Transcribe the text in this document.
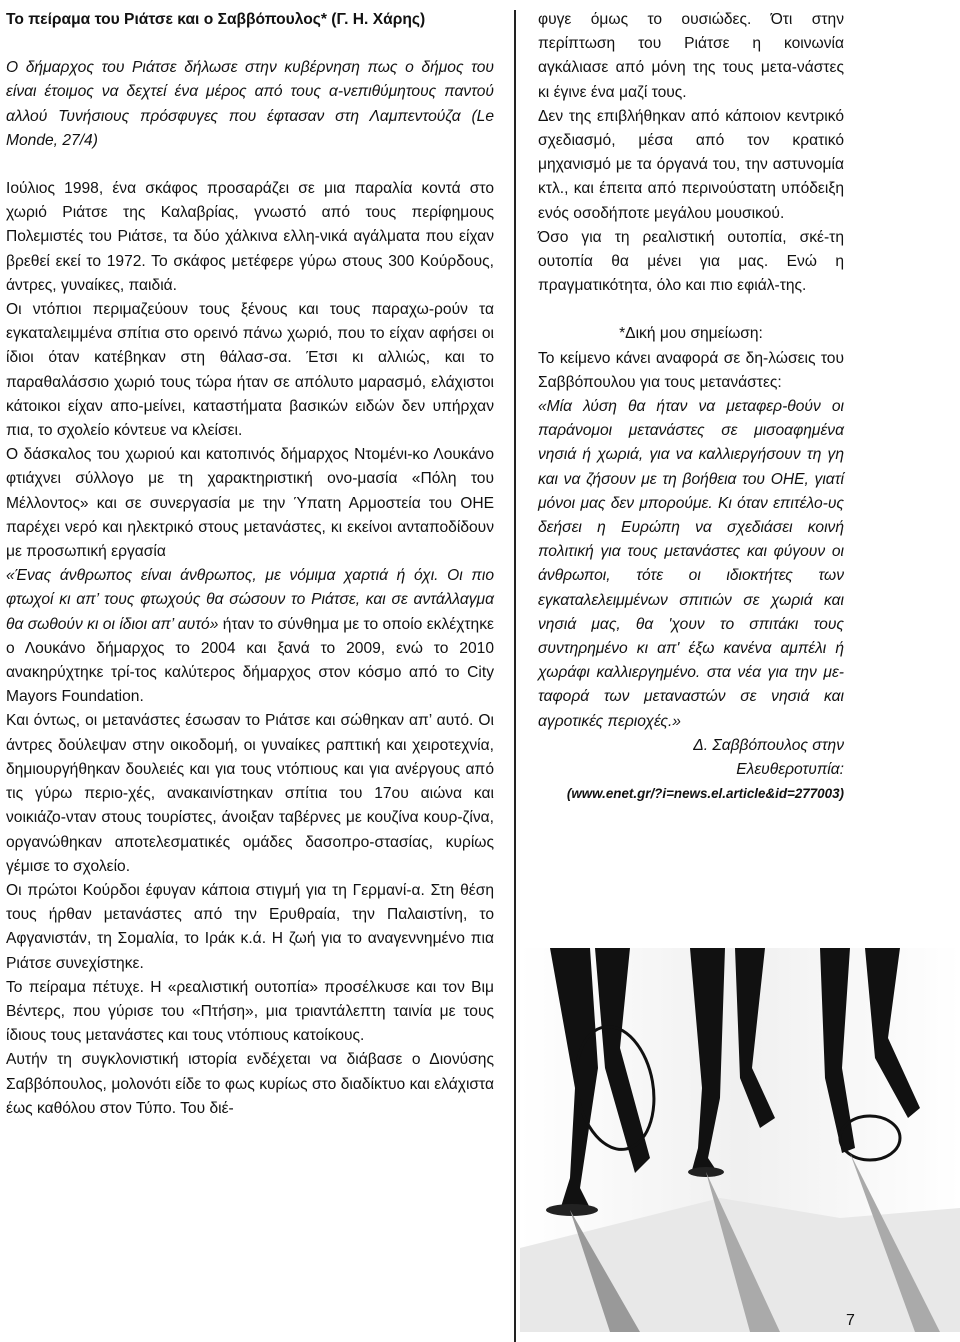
Το πείραμα του Ριάτσε και ο Σαββόπουλος* (Γ. Η. Χάρης)

Ο δήμαρχος του Ριάτσε δήλωσε στην κυβέρνηση πως ο δήμος του είναι έτοιμος να δεχτεί ένα μέρος από τους α-νεπιθύμητους παντού αλλού Τυνήσιους πρόσφυγες που έφτασαν στη Λαμπεντούζα (Le Monde, 27/4)

Ιούλιος 1998, ένα σκάφος προσαράζει σε μια παραλία κοντά στο χωριό Ριάτσε της Καλαβρίας, γνωστό από τους περίφημους Πολεμιστές του Ριάτσε, τα δύο χάλκινα ελλη-νικά αγάλματα που είχαν βρεθεί εκεί το 1972. Το σκάφος μετέφερε γύρω στους 300 Κούρδους, άντρες, γυναίκες, παιδιά.

Οι ντόπιοι περιμαζεύουν τους ξένους και τους παραχω-ρούν τα εγκαταλειμμένα σπίτια στο ορεινό πάνω χωριό, που το είχαν αφήσει οι ίδιοι όταν κατέβηκαν στη θάλασ-σα. Έτσι κι αλλιώς, και το παραθαλάσσιο χωριό τους τώρα ήταν σε απόλυτο μαρασμό, ελάχιστοι κάτοικοι είχαν απο-μείνει, καταστήματα βασικών ειδών δεν υπήρχαν πια, το σχολείο κόντευε να κλείσει.

Ο δάσκαλος του χωριού και κατοπινός δήμαρχος Ντομένι-κο Λουκάνο φτιάχνει σύλλογο με τη χαρακτηριστική ονο-μασία «Πόλη του Μέλλοντος» και σε συνεργασία με την Ύπατη Αρμοστεία του ΟΗΕ παρέχει νερό και ηλεκτρικό στους μετανάστες, κι εκείνοι ανταποδίδουν με προσωπική εργασία

«Ένας άνθρωπος είναι άνθρωπος, με νόμιμα χαρτιά ή όχι. Οι πιο φτωχοί κι απ’ τους φτωχούς θα σώσουν το Ριάτσε, και σε αντάλλαγμα θα σωθούν κι οι ίδιοι απ’ αυτό» ήταν το σύνθημα με το οποίο εκλέχτηκε ο Λουκάνο δήμαρχος το 2004 και ξανά το 2009, ενώ το 2010 ανακηρύχτηκε τρί-τος καλύτερος δήμαρχος στον κόσμο από το City Mayors Foundation.

Και όντως, οι μετανάστες έσωσαν το Ριάτσε και σώθηκαν απ’ αυτό. Οι άντρες δούλεψαν στην οικοδομή, οι γυναίκες ραπτική και χειροτεχνία, δημιουργήθηκαν δουλειές και για τους ντόπιους και για ανέργους από τις γύρω περιο-χές, ανακαινίστηκαν σπίτια του 17ου αιώνα και νοικιάζο-νταν στους τουρίστες, άνοιξαν ταβέρνες με κουζίνα κουρ-ζίνα, οργανώθηκαν αποτελεσματικές ομάδες δασοπρο-στασίας, κυρίως γέμισε το σχολείο.

Οι πρώτοι Κούρδοι έφυγαν κάποια στιγμή για τη Γερμανί-α. Στη θέση τους ήρθαν μετανάστες από την Ερυθραία, την Παλαιστίνη, το Αφγανιστάν, τη Σομαλία, το Ιράκ κ.ά. Η ζωή για το αναγεννημένο πια Ριάτσε συνεχίστηκε.

Το πείραμα πέτυχε. Η «ρεαλιστική ουτοπία» προσέλκυσε και τον Βιμ Βέντερς, που γύρισε του «Πτήση», μια τριαντάλεπτη ταινία με τους ίδιους τους μετανάστες και τους ντόπιους κατοίκους.

Αυτήν τη συγκλονιστική ιστορία ενδέχεται να διάβασε ο Διονύσης Σαββόπουλος, μολονότι είδε το φως κυρίως στο διαδίκτυο και ελάχιστα έως καθόλου στον Τύπο. Του διέ-

φυγε όμως το ουσιώδες. Ότι στην περίπτωση του Ριάτσε η κοινωνία αγκάλιασε από μόνη της τους μετα-νάστες κι έγινε ένα μαζί τους.

Δεν της επιβλήθηκαν από κάποιον κεντρικό σχεδιασμό, μέσα από τον κρατικό μηχανισμό με τα όργανά του, την αστυνομία κτλ., και έπειτα από περινούστατη υπόδειξη ενός οσοδήποτε μεγάλου μουσικού.

Όσο για τη ρεαλιστική ουτοπία, σκέ-τη ουτοπία θα μένει για μας. Ενώ η πραγματικότητα, όλο και πιο εφιάλ-της.

*Δική μου σημείωση:

Το κείμενο κάνει αναφορά σε δη-λώσεις του Σαββόπουλου για τους μετανάστες:

«Μία λύση θα ήταν να μεταφερ-θούν οι παράνομοι μετανάστες σε μισοαφημένα νησιά ή χωριά, για να καλλιεργήσουν τη γη και να ζήσουν με τη βοήθεια του ΟΗΕ, γιατί μόνοι μας δεν μπορούμε. Κι όταν επιτέλο-υς δεήσει η Ευρώπη να σχεδιάσει κοινή πολιτική για τους μετανάστες και φύγουν οι άνθρωποι, τότε οι ιδιοκτήτες των εγκαταλελειμμένων σπιτιών σε χωριά και νησιά μας, θα 'χουν το σπιτάκι τους συντηρημένο κι απ' έξω κανένα αμπέλι ή χωράφι καλλιεργημένο. στα νέα για την με-ταφορά των μεταναστών σε νησιά και αγροτικές περιοχές.»

Δ. Σαββόπουλος στην

Ελευθεροτυπία:

(www.enet.gr/?i=news.el.article&id=277003)

7
